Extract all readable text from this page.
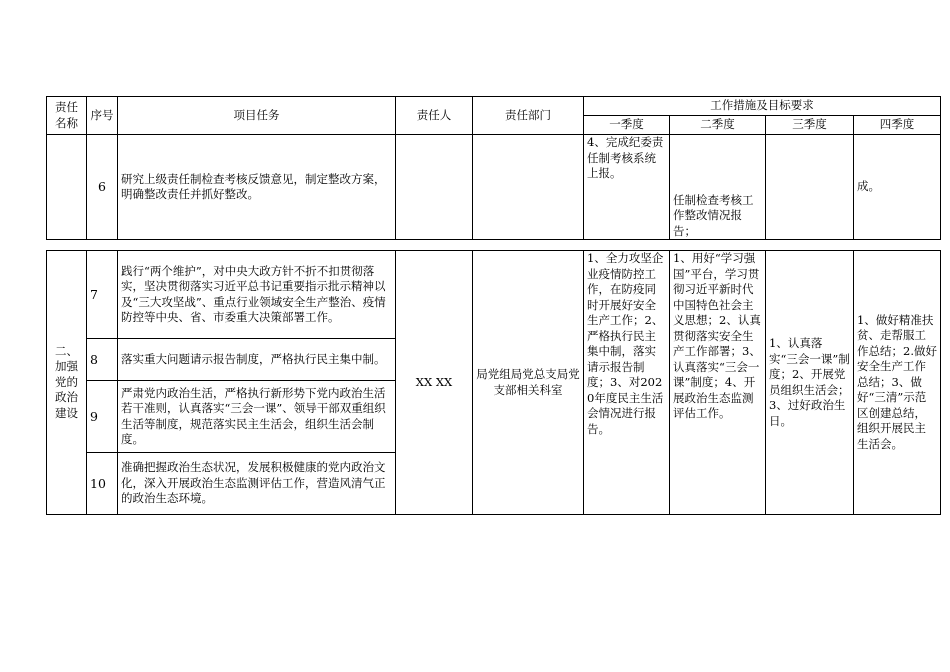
责任名称	序号	项目任务	责任人	责任部门	工作措施及目标要求			
					一季度	二季度	三季度	四季度
	6	研究上级责任制检查考核反馈意见，制定整改方案，明确整改责任并抓好整改。			4、完成纪委责任制考核系统上报。	任制检查考核工作整改情况报告；		成。

二、加强党的政治建设	7	践行“两个维护”，对中央大政方针不折不扣贯彻落实，坚决贯彻落实习近平总书记重要指示批示精神以及“三大攻坚战”、重点行业领域安全生产整治、疫情防控等中央、省、市委重大决策部署工作。	XX XX	局党组局党总支局党支部相关科室	1、全力攻坚企业疫情防控工作，在防疫同时开展好安全生产工作；2、严格执行民主集中制，落实请示报告制度；3、对2020年度民主生活会情况进行报告。	1、用好“学习强国”平台，学习贯彻习近平新时代中国特色社会主义思想；2、认真贯彻落实安全生产工作部署；3、认真落实“三会一课”制度；4、开展政治生态监测评估工作。	1、认真落实“三会一课”制度；2、开展党员组织生活会；3、过好政治生日。	1、做好精准扶贫、走帮服工作总结；2.做好安全生产工作总结；3、做好“三清”示范区创建总结，组织开展民主生活会。
	8	落实重大问题请示报告制度，严格执行民主集中制。						
	9	严肃党内政治生活，严格执行新形势下党内政治生活若干准则，认真落实“三会一课”、领导干部双重组织生活等制度，规范落实民主生活会，组织生活会制度。						
	10	准确把握政治生态状况，发展积极健康的党内政治文化，深入开展政治生态监测评估工作，营造风清气正的政治生态环境。						
